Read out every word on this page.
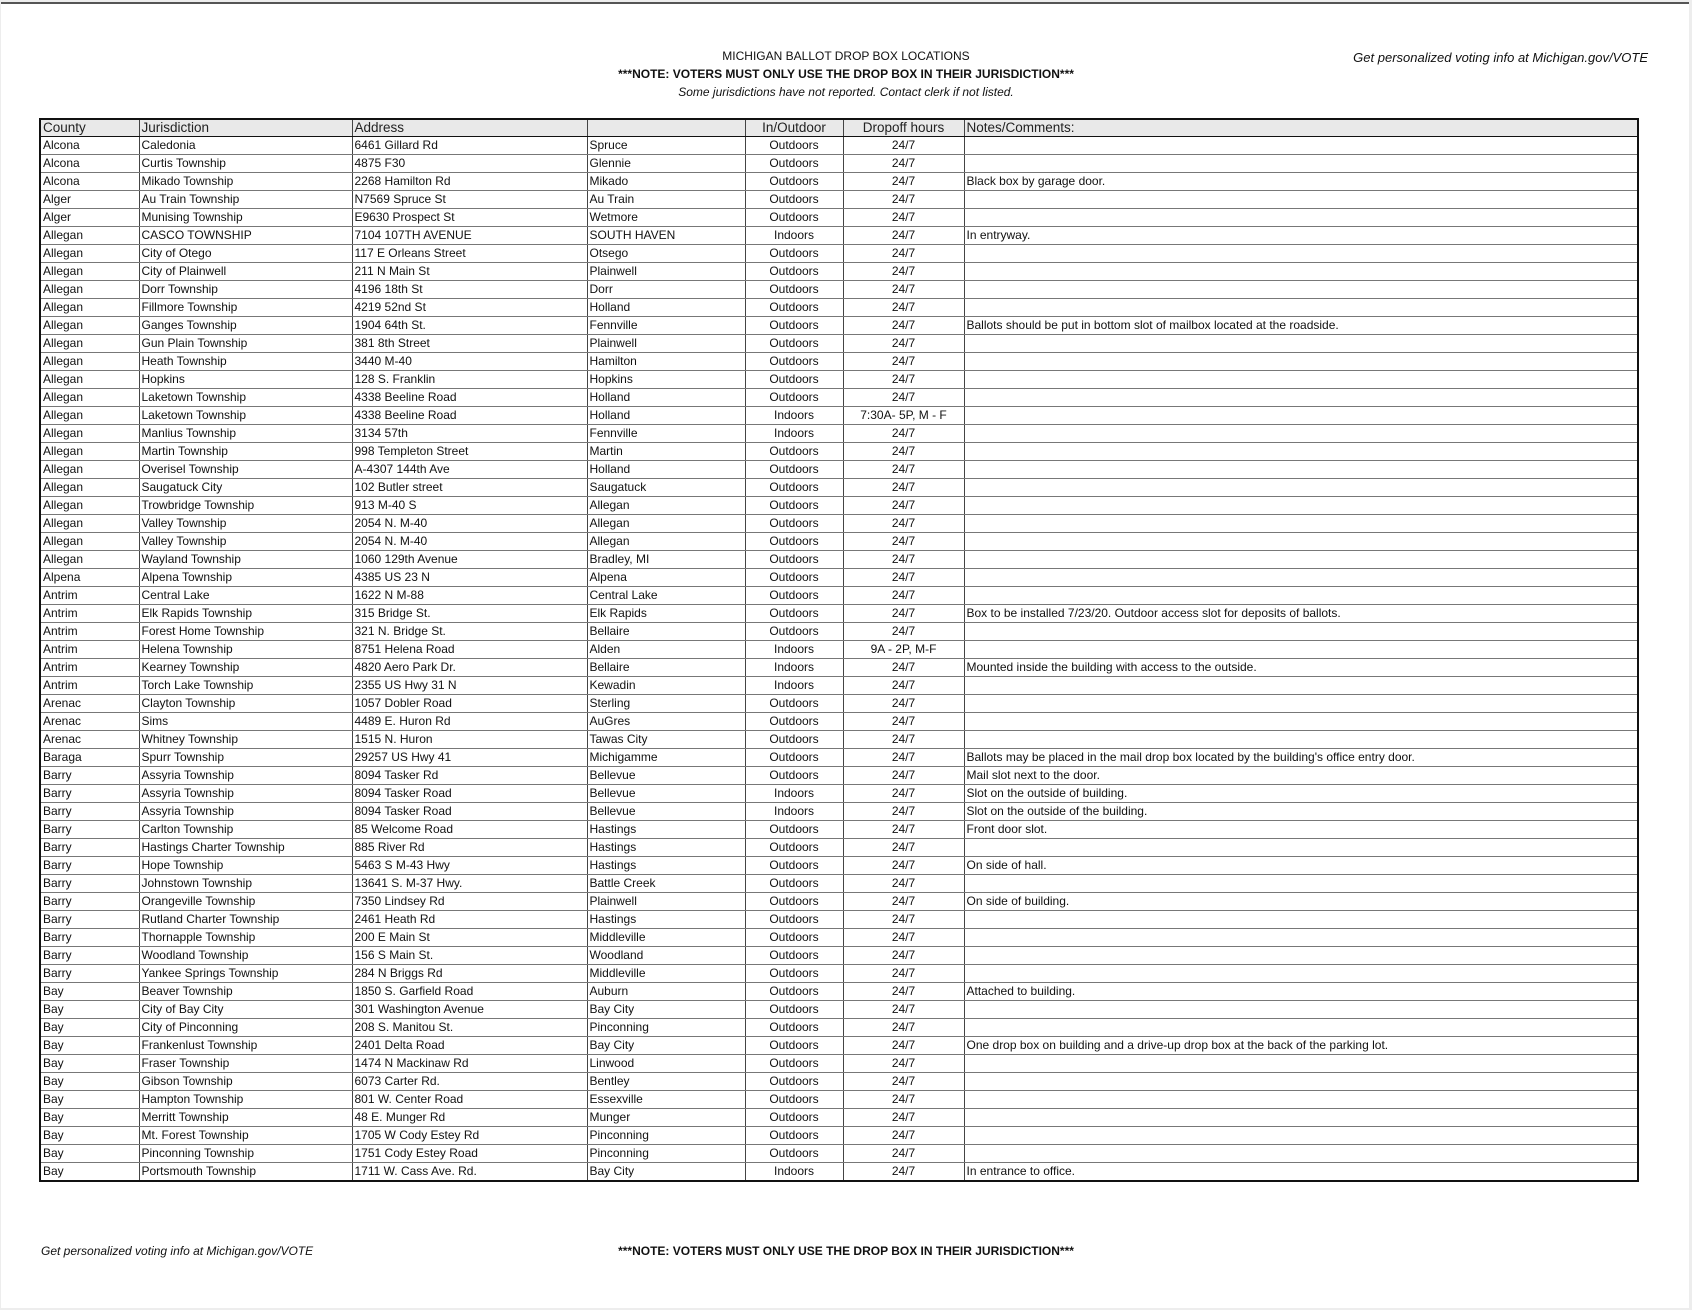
MICHIGAN BALLOT DROP BOX LOCATIONS
***NOTE: VOTERS MUST ONLY USE THE DROP BOX IN THEIR JURISDICTION***
Some jurisdictions have not reported. Contact clerk if not listed.
Get personalized voting info at Michigan.gov/VOTE
County	Jurisdiction	Address		In/Outdoor	Dropoff hours	Notes/Comments:
Alcona	Caledonia	6461 Gillard Rd	Spruce	Outdoors	24/7	
Alcona	Curtis Township	4875 F30	Glennie	Outdoors	24/7	
Alcona	Mikado Township	2268 Hamilton Rd	Mikado	Outdoors	24/7	Black box by garage door.
Alger	Au Train Township	N7569 Spruce St	Au Train	Outdoors	24/7	
Alger	Munising Township	E9630 Prospect St	Wetmore	Outdoors	24/7	
Allegan	CASCO TOWNSHIP	7104 107TH AVENUE	SOUTH HAVEN	Indoors	24/7	In entryway.
Allegan	City of Otego	117 E Orleans Street	Otsego	Outdoors	24/7	
Allegan	City of Plainwell	211 N Main St	Plainwell	Outdoors	24/7	
Allegan	Dorr Township	4196 18th St	Dorr	Outdoors	24/7	
Allegan	Fillmore Township	4219 52nd St	Holland	Outdoors	24/7	
Allegan	Ganges Township	1904 64th St.	Fennville	Outdoors	24/7	Ballots should be put in bottom slot of mailbox located at the roadside.
Allegan	Gun Plain Township	381 8th Street	Plainwell	Outdoors	24/7	
Allegan	Heath Township	3440 M-40	Hamilton	Outdoors	24/7	
Allegan	Hopkins	128 S. Franklin	Hopkins	Outdoors	24/7	
Allegan	Laketown Township	4338 Beeline Road	Holland	Outdoors	24/7	
Allegan	Laketown Township	4338 Beeline Road	Holland	Indoors	7:30A- 5P, M - F	
Allegan	Manlius Township	3134 57th	Fennville	Indoors	24/7	
Allegan	Martin Township	998 Templeton Street	Martin	Outdoors	24/7	
Allegan	Overisel Township	A-4307 144th Ave	Holland	Outdoors	24/7	
Allegan	Saugatuck City	102 Butler street	Saugatuck	Outdoors	24/7	
Allegan	Trowbridge Township	913 M-40 S	Allegan	Outdoors	24/7	
Allegan	Valley Township	2054 N. M-40	Allegan	Outdoors	24/7	
Allegan	Valley Township	2054 N. M-40	Allegan	Outdoors	24/7	
Allegan	Wayland Township	1060 129th Avenue	Bradley, MI	Outdoors	24/7	
Alpena	Alpena Township	4385 US 23 N	Alpena	Outdoors	24/7	
Antrim	Central Lake	1622 N M-88	Central Lake	Outdoors	24/7	
Antrim	Elk Rapids Township	315 Bridge St.	Elk Rapids	Outdoors	24/7	Box to be installed 7/23/20. Outdoor access slot for deposits of ballots.
Antrim	Forest Home Township	321 N. Bridge St.	Bellaire	Outdoors	24/7	
Antrim	Helena Township	8751 Helena Road	Alden	Indoors	9A - 2P, M-F	
Antrim	Kearney Township	4820 Aero Park Dr.	Bellaire	Indoors	24/7	Mounted inside the building with access to the outside.
Antrim	Torch Lake Township	2355 US Hwy 31 N	Kewadin	Indoors	24/7	
Arenac	Clayton Township	1057 Dobler Road	Sterling	Outdoors	24/7	
Arenac	Sims	4489 E. Huron Rd	AuGres	Outdoors	24/7	
Arenac	Whitney Township	1515 N. Huron	Tawas City	Outdoors	24/7	
Baraga	Spurr Township	29257 US Hwy 41	Michigamme	Outdoors	24/7	Ballots may be placed in the mail drop box located by the building's office entry door.
Barry	Assyria Township	8094 Tasker Rd	Bellevue	Outdoors	24/7	Mail slot next to the door.
Barry	Assyria Township	8094 Tasker Road	Bellevue	Indoors	24/7	Slot on the outside of building.
Barry	Assyria Township	8094 Tasker Road	Bellevue	Indoors	24/7	Slot on the outside of the building.
Barry	Carlton Township	85 Welcome Road	Hastings	Outdoors	24/7	Front door slot.
Barry	Hastings Charter Township	885 River Rd	Hastings	Outdoors	24/7	
Barry	Hope Township	5463 S M-43 Hwy	Hastings	Outdoors	24/7	On side of hall.
Barry	Johnstown Township	13641 S. M-37 Hwy.	Battle Creek	Outdoors	24/7	
Barry	Orangeville Township	7350 Lindsey Rd	Plainwell	Outdoors	24/7	On side of building.
Barry	Rutland Charter Township	2461 Heath Rd	Hastings	Outdoors	24/7	
Barry	Thornapple Township	200 E Main St	Middleville	Outdoors	24/7	
Barry	Woodland Township	156 S Main St.	Woodland	Outdoors	24/7	
Barry	Yankee Springs Township	284 N Briggs Rd	Middleville	Outdoors	24/7	
Bay	Beaver Township	1850 S. Garfield Road	Auburn	Outdoors	24/7	Attached to building.
Bay	City of Bay City	301 Washington Avenue	Bay City	Outdoors	24/7	
Bay	City of Pinconning	208 S. Manitou St.	Pinconning	Outdoors	24/7	
Bay	Frankenlust Township	2401 Delta Road	Bay City	Outdoors	24/7	One drop box on building and a drive-up drop box at the back of the parking lot.
Bay	Fraser Township	1474 N Mackinaw Rd	Linwood	Outdoors	24/7	
Bay	Gibson Township	6073 Carter Rd.	Bentley	Outdoors	24/7	
Bay	Hampton Township	801 W. Center Road	Essexville	Outdoors	24/7	
Bay	Merritt Township	48 E. Munger Rd	Munger	Outdoors	24/7	
Bay	Mt. Forest Township	1705 W Cody Estey Rd	Pinconning	Outdoors	24/7	
Bay	Pinconning Township	1751 Cody Estey Road	Pinconning	Outdoors	24/7	
Bay	Portsmouth Township	1711 W. Cass Ave. Rd.	Bay City	Indoors	24/7	In entrance to office.
Get personalized voting info at Michigan.gov/VOTE	***NOTE: VOTERS MUST ONLY USE THE DROP BOX IN THEIR JURISDICTION***
